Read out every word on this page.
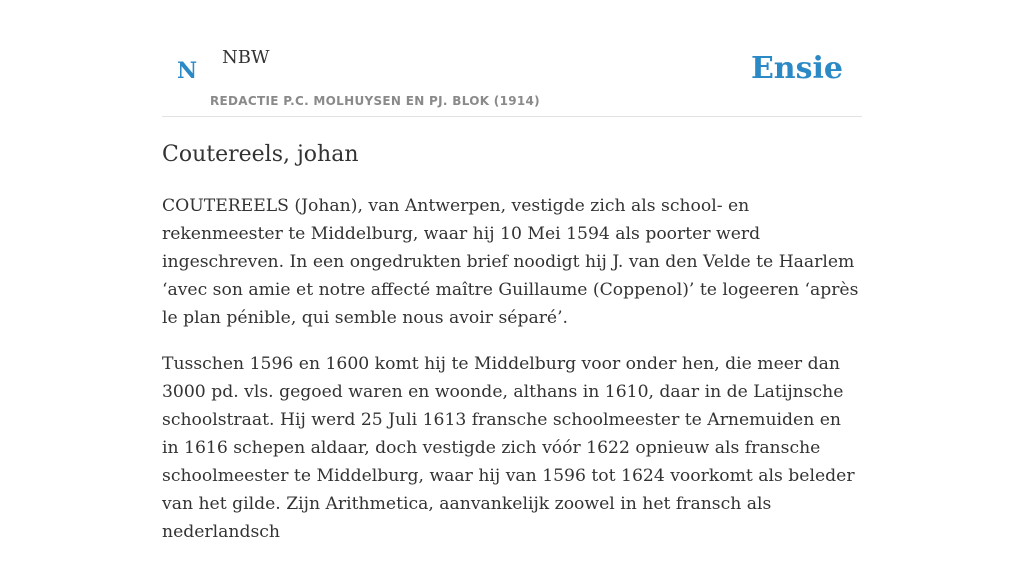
N
NBW
REDACTIE P.C. MOLHUYSEN EN PJ. BLOK (1914)
Ensie
Coutereels, johan

COUTEREELS (Johan), van Antwerpen, vestigde zich als school- en rekenmeester te Middelburg, waar hij 10 Mei 1594 als poorter werd ingeschreven. In een ongedrukten brief noodigt hij J. van den Velde te Haarlem ‘avec son amie et notre affecté maître Guillaume (Coppenol)’ te logeeren ‘après le plan pénible, qui semble nous avoir séparé’.

Tusschen 1596 en 1600 komt hij te Middelburg voor onder hen, die meer dan 3000 pd. vls. gegoed waren en woonde, althans in 1610, daar in de Latijnsche schoolstraat. Hij werd 25 Juli 1613 fransche schoolmeester te Arnemuiden en in 1616 schepen aldaar, doch vestigde zich vóór 1622 opnieuw als fransche schoolmeester te Middelburg, waar hij van 1596 tot 1624 voorkomt als beleder van het gilde. Zijn Arithmetica, aanvankelijk zoowel in het fransch als nederlandsch
